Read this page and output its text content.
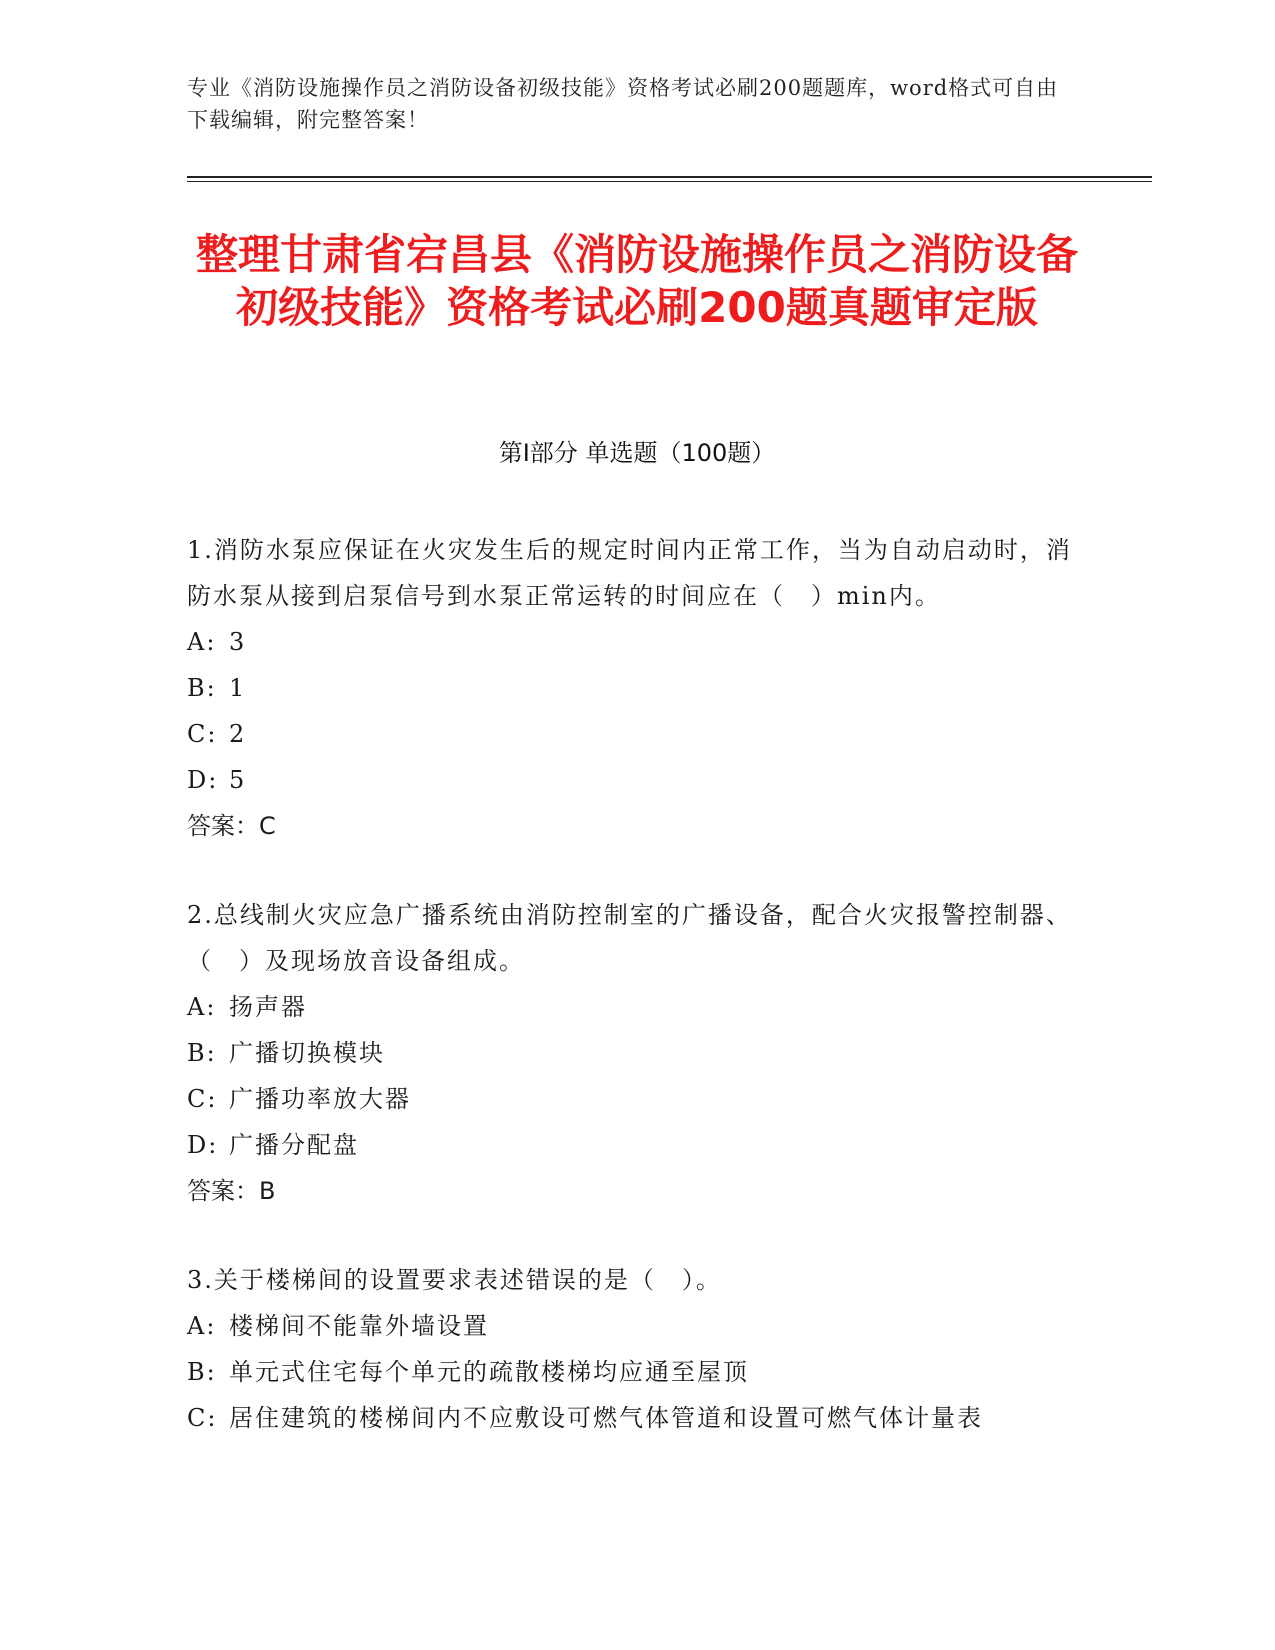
专业《消防设施操作员之消防设备初级技能》资格考试必刷200题题库，word格式可自由下载编辑，附完整答案！
整理甘肃省宕昌县《消防设施操作员之消防设备初级技能》资格考试必刷200题真题审定版
第Ⅰ部分 单选题（100题）

1.消防水泵应保证在火灾发生后的规定时间内正常工作，当为自动启动时，消防水泵从接到启泵信号到水泵正常运转的时间应在（　）min内。

A: 3

B: 1

C: 2

D: 5

答案：C

2.总线制火灾应急广播系统由消防控制室的广播设备，配合火灾报警控制器、（　）及现场放音设备组成。

A: 扬声器

B: 广播切换模块

C: 广播功率放大器

D: 广播分配盘

答案：B

3.关于楼梯间的设置要求表述错误的是（　）。

A: 楼梯间不能靠外墙设置

B: 单元式住宅每个单元的疏散楼梯均应通至屋顶

C: 居住建筑的楼梯间内不应敷设可燃气体管道和设置可燃气体计量表
